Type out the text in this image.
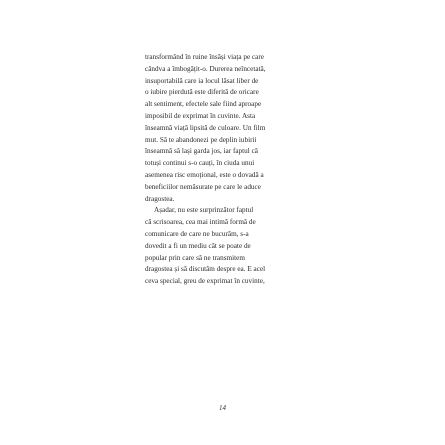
transformând în ruine însăși viața pe care
cândva a îmbogățit-o. Durerea neîncetată,
insuportabilă care ia locul lăsat liber de
o iubire pierdută este diferită de oricare
alt sentiment, efectele sale fiind aproape
imposibil de exprimat în cuvinte. Asta
înseamnă viață lipsită de culoare. Un film
mut. Să te abandonezi pe deplin iubirii
înseamnă să lași garda jos, iar faptul că
totuși continui s-o cauți, în ciuda unui
asemenea risc emoțional, este o dovadă a
beneficiilor nemăsurate pe care le aduce
dragostea.
Așadar, nu este surprinzător faptul
că scrisoarea, cea mai intimă formă de
comunicare de care ne bucurăm, s-a
dovedit a fi un mediu cât se poate de
popular prin care să ne transmitem
dragostea și să discutăm despre ea. E acel
ceva special, greu de exprimat în cuvinte,
14
